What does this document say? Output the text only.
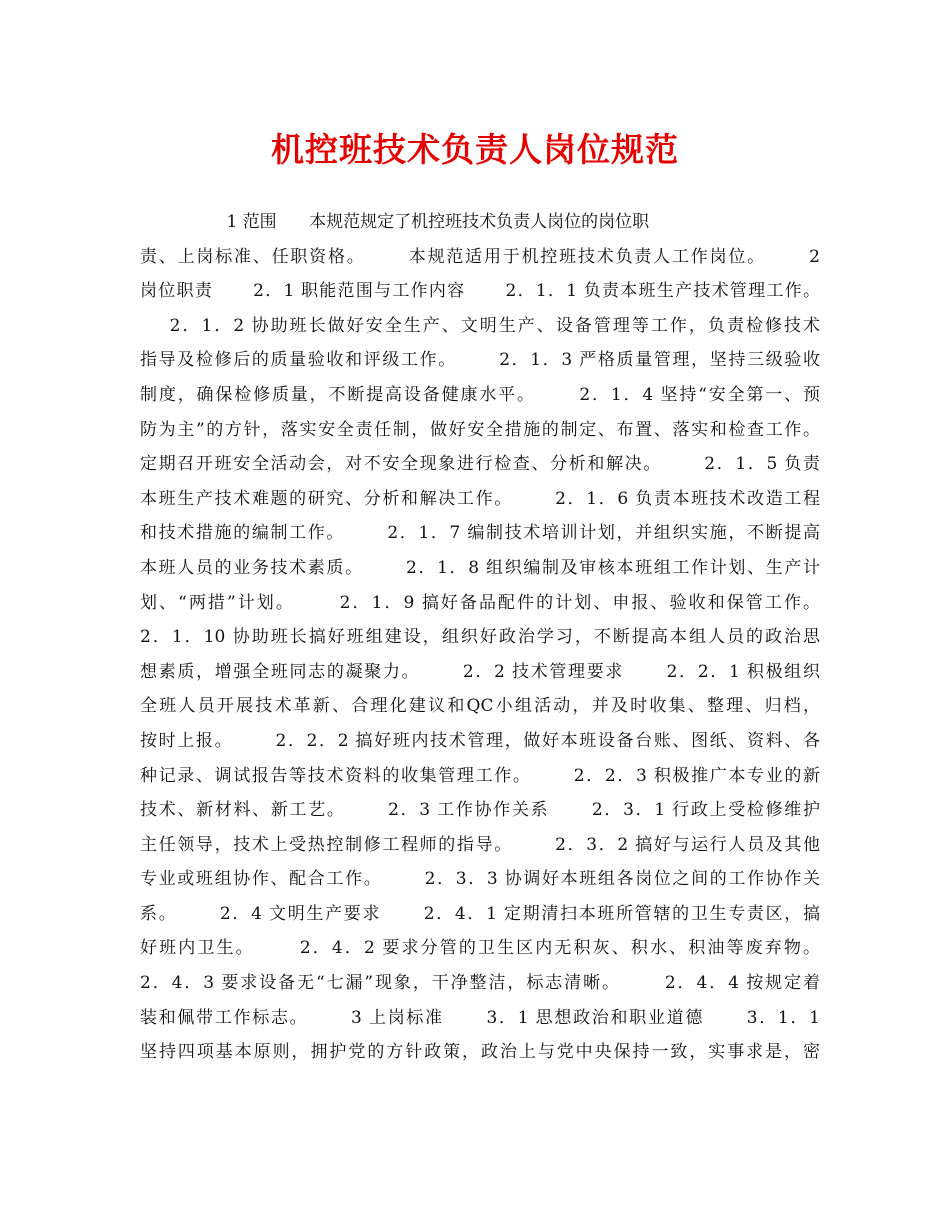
机控班技术负责人岗位规范
1 范围      本规范规定了机控班技术负责人岗位的岗位职
责、上岗标准、任职资格。      本规范适用于机控班技术负责人工作岗位。      2
岗位职责      2．1 职能范围与工作内容      2．1．1 负责本班生产技术管理工作。
2．1．2 协助班长做好安全生产、文明生产、设备管理等工作，负责检修技术
指导及检修后的质量验收和评级工作。      2．1．3 严格质量管理，坚持三级验收
制度，确保检修质量，不断提高设备健康水平。      2．1．4 坚持“安全第一、预
防为主”的方针，落实安全责任制，做好安全措施的制定、布置、落实和检查工作。
定期召开班安全活动会，对不安全现象进行检查、分析和解决。      2．1．5 负责
本班生产技术难题的研究、分析和解决工作。      2．1．6 负责本班技术改造工程
和技术措施的编制工作。      2．1．7 编制技术培训计划，并组织实施，不断提高
本班人员的业务技术素质。      2．1．8 组织编制及审核本班组工作计划、生产计
划、“两措”计划。      2．1．9 搞好备品配件的计划、申报、验收和保管工作。
2．1．10 协助班长搞好班组建设，组织好政治学习，不断提高本组人员的政治思
想素质，增强全班同志的凝聚力。      2．2 技术管理要求      2．2．1 积极组织
全班人员开展技术革新、合理化建议和QC小组活动，并及时收集、整理、归档，
按时上报。      2．2．2 搞好班内技术管理，做好本班设备台账、图纸、资料、各
种记录、调试报告等技术资料的收集管理工作。      2．2．3 积极推广本专业的新
技术、新材料、新工艺。      2．3 工作协作关系      2．3．1 行政上受检修维护
主任领导，技术上受热控制修工程师的指导。      2．3．2 搞好与运行人员及其他
专业或班组协作、配合工作。      2．3．3 协调好本班组各岗位之间的工作协作关
系。      2．4 文明生产要求      2．4．1 定期清扫本班所管辖的卫生专责区，搞
好班内卫生。      2．4．2 要求分管的卫生区内无积灰、积水、积油等废弃物。
2．4．3 要求设备无“七漏”现象，干净整洁，标志清晰。      2．4．4 按规定着
装和佩带工作标志。      3 上岗标准      3．1 思想政治和职业道德      3．1．1
坚持四项基本原则，拥护党的方针政策，政治上与党中央保持一致，实事求是，密
